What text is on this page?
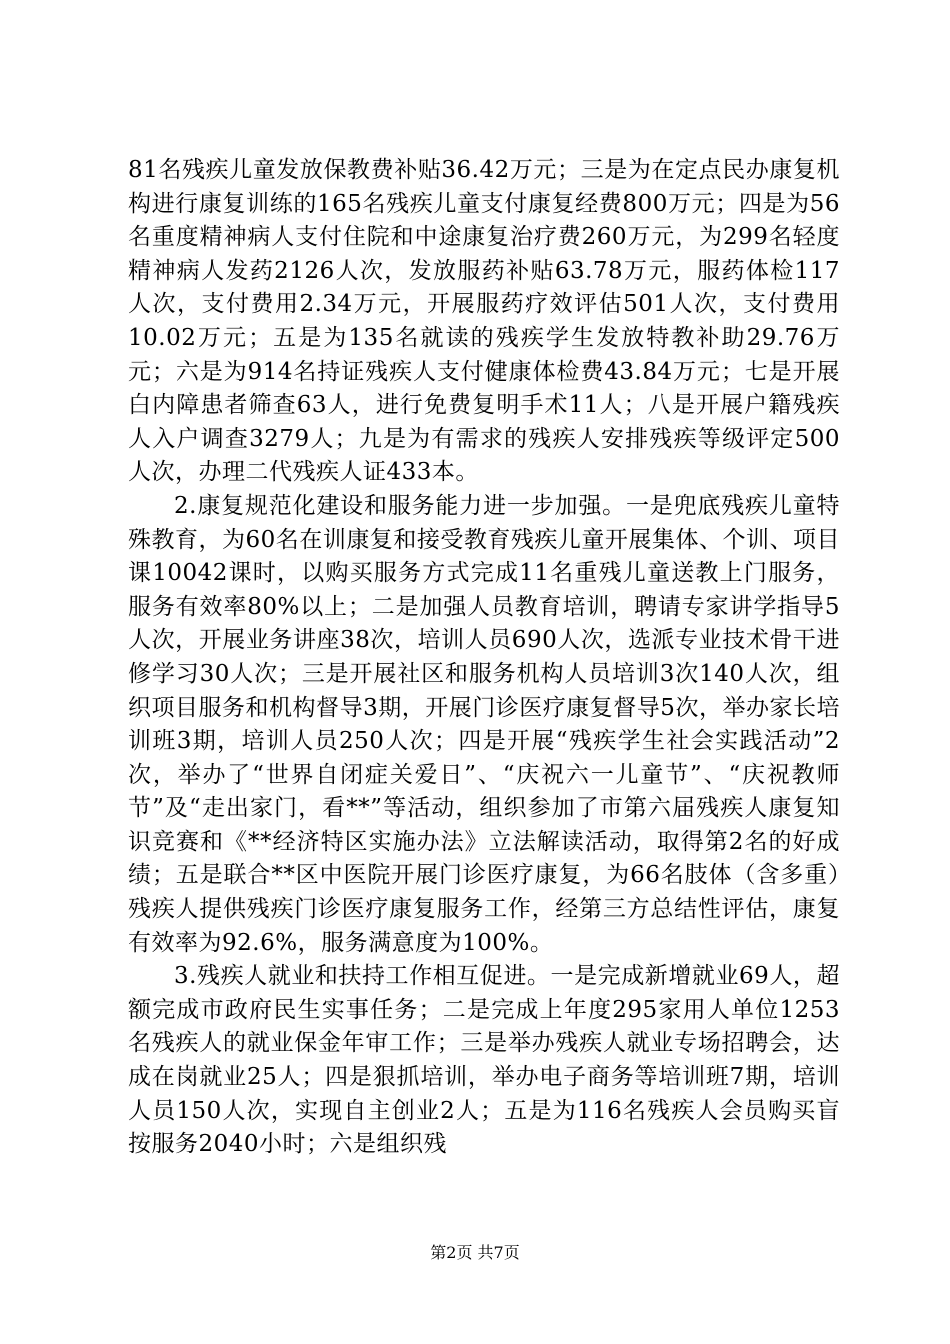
81名残疾儿童发放保教费补贴36.42万元；三是为在定点民办康复机构进行康复训练的165名残疾儿童支付康复经费800万元；四是为56名重度精神病人支付住院和中途康复治疗费260万元，为299名轻度精神病人发药2126人次，发放服药补贴63.78万元，服药体检117人次，支付费用2.34万元，开展服药疗效评估501人次，支付费用10.02万元；五是为135名就读的残疾学生发放特教补助29.76万元；六是为914名持证残疾人支付健康体检费43.84万元；七是开展白内障患者筛查63人，进行免费复明手术11人；八是开展户籍残疾人入户调查3279人；九是为有需求的残疾人安排残疾等级评定500人次，办理二代残疾人证433本。

2.康复规范化建设和服务能力进一步加强。一是兜底残疾儿童特殊教育，为60名在训康复和接受教育残疾儿童开展集体、个训、项目课10042课时，以购买服务方式完成11名重残儿童送教上门服务，服务有效率80%以上；二是加强人员教育培训，聘请专家讲学指导5人次，开展业务讲座38次，培训人员690人次，选派专业技术骨干进修学习30人次；三是开展社区和服务机构人员培训3次140人次，组织项目服务和机构督导3期，开展门诊医疗康复督导5次，举办家长培训班3期，培训人员250人次；四是开展“残疾学生社会实践活动”2次，举办了“世界自闭症关爱日”、“庆祝六一儿童节”、“庆祝教师节”及“走出家门，看**”等活动，组织参加了市第六届残疾人康复知识竞赛和《**经济特区实施办法》立法解读活动，取得第2名的好成绩；五是联合**区中医院开展门诊医疗康复，为66名肢体（含多重）残疾人提供残疾门诊医疗康复服务工作，经第三方总结性评估，康复有效率为92.6%，服务满意度为100%。

3.残疾人就业和扶持工作相互促进。一是完成新增就业69人，超额完成市政府民生实事任务；二是完成上年度295家用人单位1253名残疾人的就业保金年审工作；三是举办残疾人就业专场招聘会，达成在岗就业25人；四是狠抓培训，举办电子商务等培训班7期，培训人员150人次，实现自主创业2人；五是为116名残疾人会员购买盲按服务2040小时；六是组织残

第2页 共7页
